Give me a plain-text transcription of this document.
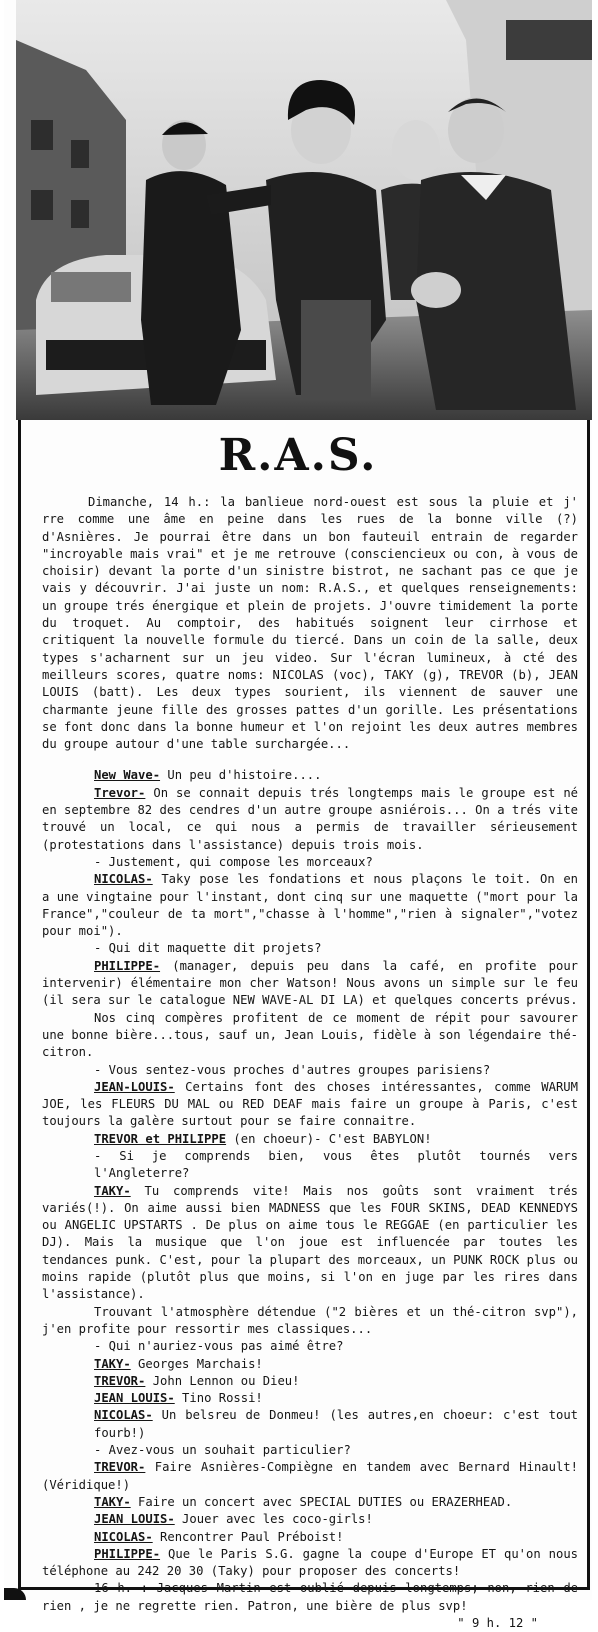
R.A.S.

Dimanche, 14 h.: la banlieue nord-ouest est sous la pluie et j' rre comme une âme en peine dans les rues de la bonne ville (?) d'Asnières. Je pourrai être dans un bon fauteuil entrain de regarder "incroyable mais vrai" et je me retrouve (consciencieux ou con, à vous de choisir) devant la porte d'un sinistre bistrot, ne sachant pas ce que je vais y découvrir. J'ai juste un nom: R.A.S., et quelques renseignements: un groupe trés énergique et plein de projets. J'ouvre timidement la porte du troquet. Au comptoir, des habitués soignent leur cirrhose et critiquent la nouvelle formule du tiercé. Dans un coin de la salle, deux types s'acharnent sur un jeu video. Sur l'écran lumineux, à cté des meilleurs scores, quatre noms: NICOLAS (voc), TAKY (g), TREVOR (b), JEAN LOUIS (batt). Les deux types sourient, ils viennent de sauver une charmante jeune fille des grosses pattes d'un gorille. Les présentations se font donc dans la bonne humeur et l'on rejoint les deux autres membres du groupe autour d'une table surchargée...

New Wave- Un peu d'histoire....

Trevor- On se connait depuis trés longtemps mais le groupe est né en septembre 82 des cendres d'un autre groupe asniérois... On a trés vite trouvé un local, ce qui nous a permis de travailler sérieusement (protestations dans l'assistance) depuis trois mois.

- Justement, qui compose les morceaux?

NICOLAS- Taky pose les fondations et nous plaçons le toit. On en a une vingtaine pour l'instant, dont cinq sur une maquette ("mort pour la France","couleur de ta mort","chasse à l'homme","rien à signaler","votez pour moi").

- Qui dit maquette dit projets?

PHILIPPE- (manager, depuis peu dans la café, en profite pour intervenir) élémentaire mon cher Watson! Nous avons un simple sur le feu (il sera sur le catalogue NEW WAVE-AL DI LA) et quelques concerts prévus.

Nos cinq compères profitent de ce moment de répit pour savourer une bonne bière...tous, sauf un, Jean Louis, fidèle à son légendaire thé-citron.

- Vous sentez-vous proches d'autres groupes parisiens?

JEAN-LOUIS- Certains font des choses intéressantes, comme WARUM JOE, les FLEURS DU MAL ou RED DEAF mais faire un groupe à Paris, c'est toujours la galère surtout pour se faire connaitre.

TREVOR et PHILIPPE (en choeur)- C'est BABYLON!

- Si je comprends bien, vous êtes plutôt tournés vers l'Angleterre?

TAKY- Tu comprends vite! Mais nos goûts sont vraiment trés variés(!). On aime aussi bien MADNESS que les FOUR SKINS, DEAD KENNEDYS ou ANGELIC UPSTARTS . De plus on aime tous le REGGAE (en particulier les DJ). Mais la musique que l'on joue est influencée par toutes les tendances punk. C'est, pour la plupart des morceaux, un PUNK ROCK plus ou moins rapide (plutôt plus que moins, si l'on en juge par les rires dans l'assistance).

Trouvant l'atmosphère détendue ("2 bières et un thé-citron svp"), j'en profite pour ressortir mes classiques...

- Qui n'auriez-vous pas aimé être?

TAKY- Georges Marchais!

TREVOR- John Lennon ou Dieu!

JEAN LOUIS- Tino Rossi!

NICOLAS- Un belsreu de Donmeu! (les autres,en choeur: c'est tout fourb!)

- Avez-vous un souhait particulier?

TREVOR- Faire Asnières-Compiègne en tandem avec Bernard Hinault!(Véridique!)

TAKY- Faire un concert avec SPECIAL DUTIES ou ERAZERHEAD.

JEAN LOUIS- Jouer avec les coco-girls!

NICOLAS- Rencontrer Paul Préboist!

PHILIPPE- Que le Paris S.G. gagne la coupe d'Europe ET qu'on nous téléphone au 242 20 30 (Taky) pour proposer des concerts!

16 h. : Jacques Martin est oublié depuis longtemps; non, rien de rien , je ne regrette rien. Patron, une bière de plus svp!

" 9 h. 12 "
